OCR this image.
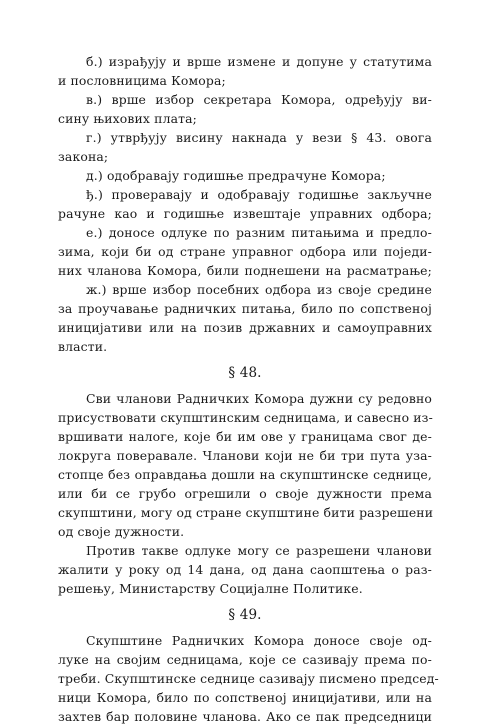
б.) израђују и врше измене и допуне у статутима
и пословницима Комора;
в.) врше избор секретара Комора, одређују ви-
сину њихових плата;
г.) утврђују висину накнада у вези § 43. овога
закона;
д.) одобравају годишње предрачуне Комора;
ђ.) проверавају и одобравају годишње закључне
рачуне као и годишње извештаје управних одбора;
е.) доносе одлуке по разним питањима и предло-
зима, који би од стране управног одбора или поједи-
них чланова Комора, били поднешени на расматрање;
ж.) врше избор посебних одбора из своје средине
за проучавање радничких питања, било по сопственој
иницијативи или на позив државних и самоуправних
власти.
§ 48.
Сви чланови Радничких Комора дужни су редовно
присуствовати скупштинским седницама, и савесно из-
вршивати налоге, које би им ове у границама свог де-
локруга поверавале. Чланови који не би три пута уза-
стопце без оправдања дошли на скупштинске седнице,
или би се грубо огрешили о своје дужности према
скупштини, могу од стране скупштине бити разрешени
од своје дужности.
Против такве одлуке могу се разрешени чланови
жалити у року од 14 дана, од дана саопштења о раз-
решењу, Министарству Социјалне Политике.
§ 49.
Скупштине Радничких Комора доносе своје од-
луке на својим седницама, које се сазивају према по-
треби. Скупштинске седнице сазивају писмено председ-
ници Комора, било по сопственој иницијативи, или на
захтев бар половине чланова. Ако се пак председници
